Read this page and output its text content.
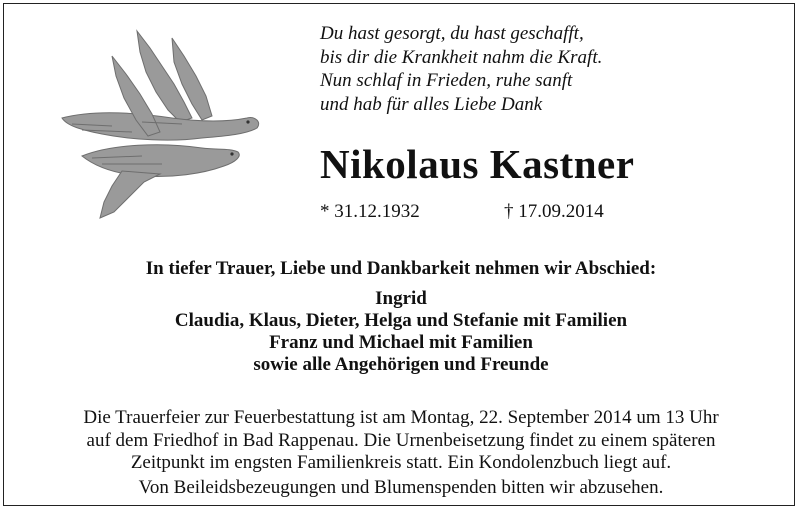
Du hast gesorgt, du hast geschafft,
bis dir die Krankheit nahm die Kraft.
Nun schlaf in Frieden, ruhe sanft
und hab für alles Liebe Dank
Nikolaus Kastner
* 31.12.1932	† 17.09.2014
In tiefer Trauer, Liebe und Dankbarkeit nehmen wir Abschied:
Ingrid
Claudia, Klaus, Dieter, Helga und Stefanie mit Familien
Franz und Michael mit Familien
sowie alle Angehörigen und Freunde
Die Trauerfeier zur Feuerbestattung ist am Montag, 22. September 2014 um 13 Uhr
auf dem Friedhof in Bad Rappenau. Die Urnenbeisetzung findet zu einem späteren
Zeitpunkt im engsten Familienkreis statt. Ein Kondolenzbuch liegt auf.
Von Beileidsbezeugungen und Blumenspenden bitten wir abzusehen.
